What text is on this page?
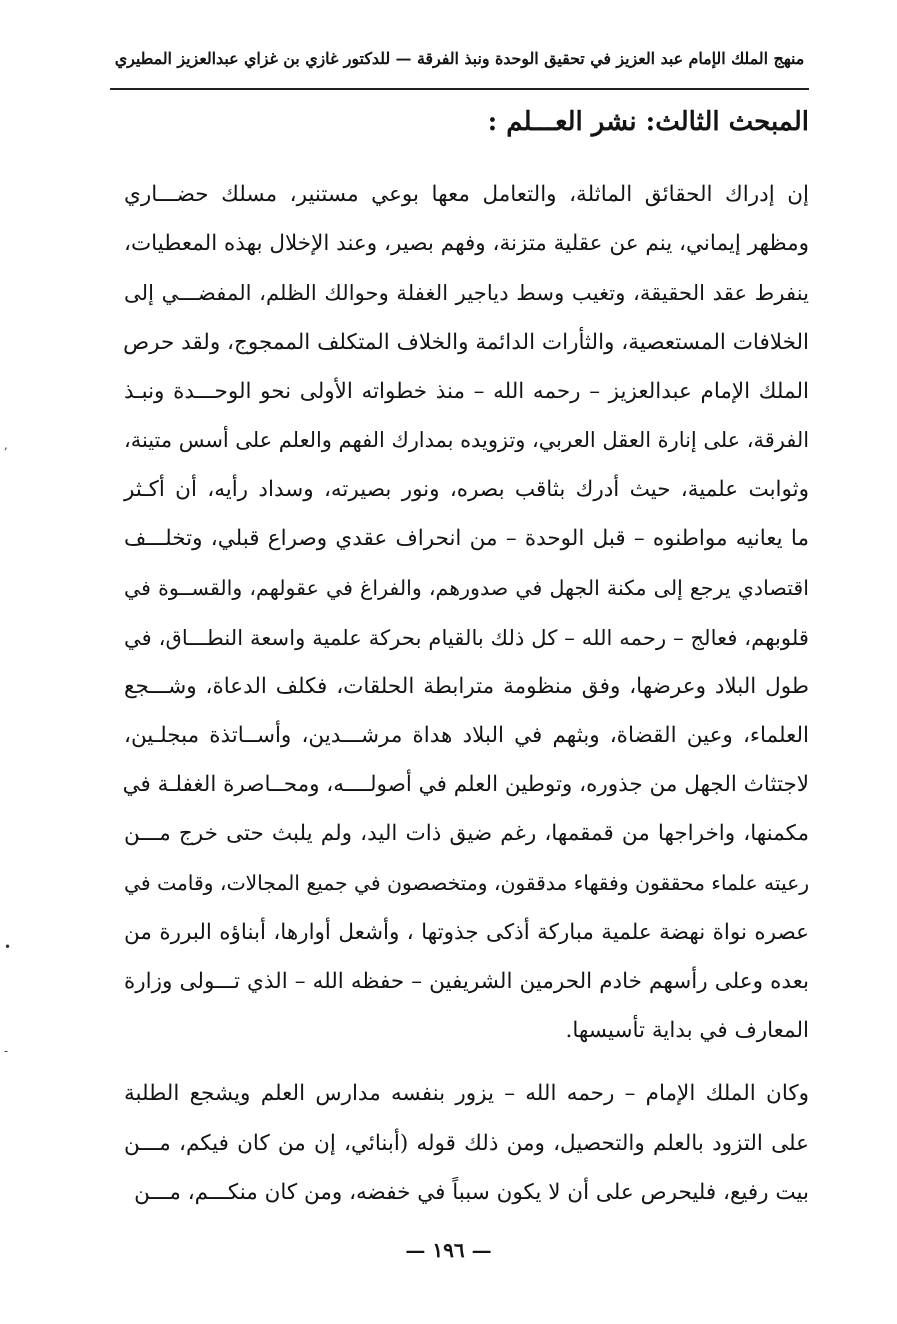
منهج الملك الإمام عبد العزيز في تحقيق الوحدة ونبذ الفرقة — للدكتور غازي بن غزاي عبدالعزيز المطيري
المبحث الثالث: نشر العـــلم :
إن إدراك الحقائق الماثلة، والتعامل معها بوعي مستنير، مسلك حضـــاري
ومظهر إيماني، ينم عن عقلية متزنة، وفهم بصير، وعند الإخلال بهذه المعطيات،
ينفرط عقد الحقيقة، وتغيب وسط دياجير الغفلة وحوالك الظلم، المفضـــي إلى
الخلافات المستعصية، والثأرات الدائمة والخلاف المتكلف الممجوج، ولقد حرص
الملك الإمام عبدالعزيز – رحمه الله – منذ خطواته الأولى نحو الوحـــدة ونبـذ
الفرقة، على إنارة العقل العربي، وتزويده بمدارك الفهم والعلم على أسس متينة،
وثوابت علمية، حيث أدرك بثاقب بصره، ونور بصيرته، وسداد رأيه، أن أكـثر
ما يعانيه مواطنوه – قبل الوحدة – من انحراف عقدي وصراع قبلي، وتخلـــف
اقتصادي يرجع إلى مكنة الجهل في صدورهم، والفراغ في عقولهم، والقســوة في
قلوبهم، فعالج – رحمه الله – كل ذلك بالقيام بحركة علمية واسعة النطـــاق، في
طول البلاد وعرضها، وفق منظومة مترابطة الحلقات، فكلف الدعاة، وشـــجع
العلماء، وعين القضاة، وبثهم في البلاد هداة مرشـــدين، وأســاتذة مبجلـين،
لاجتثاث الجهل من جذوره، وتوطين العلم في أصولــــه، ومحــاصرة الغفلـة في
مكمنها، واخراجها من قمقمها، رغم ضيق ذات اليد، ولم يلبث حتى خرج مـــن
رعيته علماء محققون وفقهاء مدققون، ومتخصصون في جميع المجالات، وقامت في
عصره نواة نهضة علمية مباركة أذكى جذوتها ، وأشعل أوارها، أبناؤه البررة من
بعده وعلى رأسهم خادم الحرمين الشريفين – حفظه الله – الذي تـــولى وزارة
المعارف في بداية تأسيسها.
وكان الملك الإمام – رحمه الله – يزور بنفسه مدارس العلم ويشجع الطلبة
على التزود بالعلم والتحصيل، ومن ذلك قوله (أبنائي، إن من كان فيكم، مـــن
بيت رفيع، فليحرص على أن لا يكون سبباً في خفضه، ومن كان منكـــم، مـــن
— ١٩٦ —
,
•
-
